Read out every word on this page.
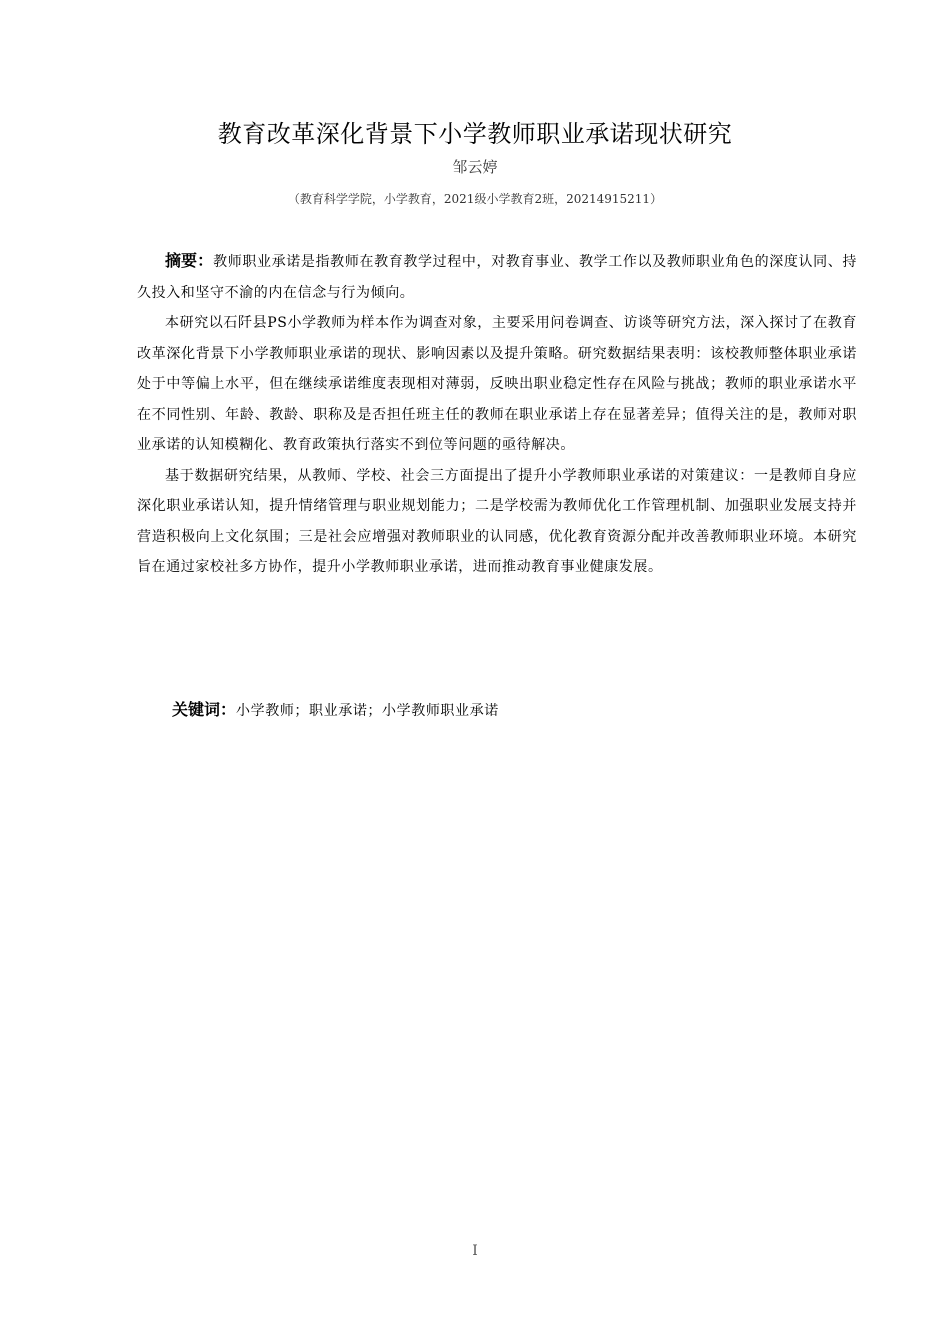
教育改革深化背景下小学教师职业承诺现状研究

邹云婷

（教育科学学院，小学教育，2021级小学教育2班，20214915211）

摘要：教师职业承诺是指教师在教育教学过程中，对教育事业、教学工作以及教师职业角色的深度认同、持久投入和坚守不渝的内在信念与行为倾向。

本研究以石阡县PS小学教师为样本作为调查对象，主要采用问卷调查、访谈等研究方法，深入探讨了在教育改革深化背景下小学教师职业承诺的现状、影响因素以及提升策略。研究数据结果表明：该校教师整体职业承诺处于中等偏上水平，但在继续承诺维度表现相对薄弱，反映出职业稳定性存在风险与挑战；教师的职业承诺水平在不同性别、年龄、教龄、职称及是否担任班主任的教师在职业承诺上存在显著差异；值得关注的是，教师对职业承诺的认知模糊化、教育政策执行落实不到位等问题的亟待解决。

基于数据研究结果，从教师、学校、社会三方面提出了提升小学教师职业承诺的对策建议：一是教师自身应深化职业承诺认知，提升情绪管理与职业规划能力；二是学校需为教师优化工作管理机制、加强职业发展支持并营造积极向上文化氛围；三是社会应增强对教师职业的认同感，优化教育资源分配并改善教师职业环境。本研究旨在通过家校社多方协作，提升小学教师职业承诺，进而推动教育事业健康发展。

关键词：小学教师；职业承诺；小学教师职业承诺

I
